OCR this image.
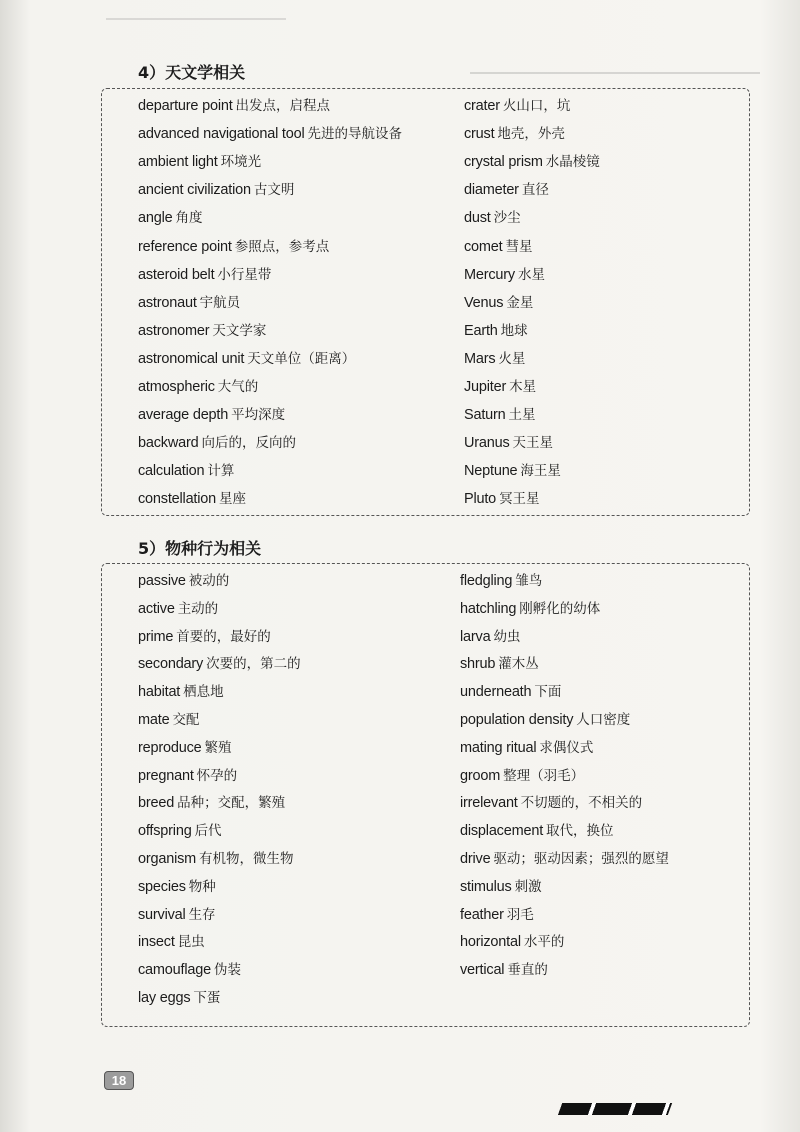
4）天文学相关
departure point 出发点，启程点
advanced navigational tool 先进的导航设备
ambient light 环境光
ancient civilization 古文明
angle 角度
reference point 参照点，参考点
asteroid belt 小行星带
astronaut 宇航员
astronomer 天文学家
astronomical unit 天文单位（距离）
atmospheric 大气的
average depth 平均深度
backward 向后的，反向的
calculation 计算
constellation 星座
crater 火山口，坑
crust 地壳，外壳
crystal prism 水晶棱镜
diameter 直径
dust 沙尘
comet 彗星
Mercury 水星
Venus 金星
Earth 地球
Mars 火星
Jupiter 木星
Saturn 土星
Uranus 天王星
Neptune 海王星
Pluto 冥王星
5）物种行为相关
passive 被动的
active 主动的
prime 首要的，最好的
secondary 次要的，第二的
habitat 栖息地
mate 交配
reproduce 繁殖
pregnant 怀孕的
breed 品种；交配，繁殖
offspring 后代
organism 有机物，微生物
species 物种
survival 生存
insect 昆虫
camouflage 伪装
lay eggs 下蛋
fledgling 雏鸟
hatchling 刚孵化的幼体
larva 幼虫
shrub 灌木丛
underneath 下面
population density 人口密度
mating ritual 求偶仪式
groom 整理（羽毛）
irrelevant 不切题的，不相关的
displacement 取代，换位
drive 驱动；驱动因素；强烈的愿望
stimulus 刺激
feather 羽毛
horizontal 水平的
vertical 垂直的
18
